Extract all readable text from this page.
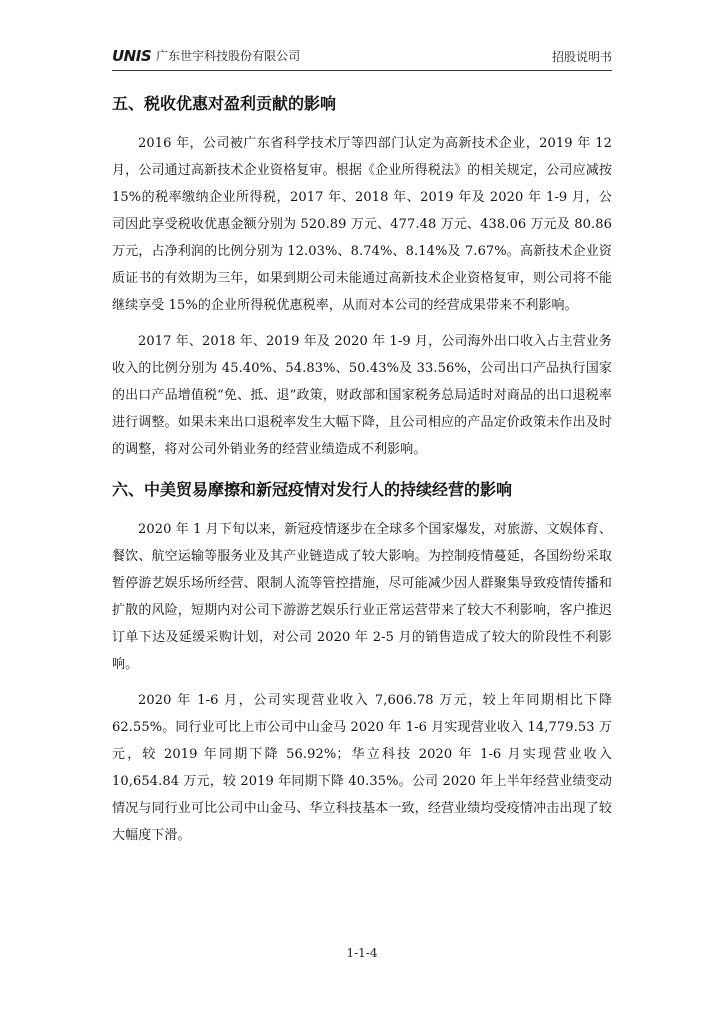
UNIS 广东世宇科技股份有限公司	招股说明书
五、税收优惠对盈利贡献的影响

2016 年，公司被广东省科学技术厅等四部门认定为高新技术企业，2019 年 12 月，公司通过高新技术企业资格复审。根据《企业所得税法》的相关规定，公司应减按 15%的税率缴纳企业所得税，2017 年、2018 年、2019 年及 2020 年 1-9 月，公司因此享受税收优惠金额分别为 520.89 万元、477.48 万元、438.06 万元及 80.86 万元，占净利润的比例分别为 12.03%、8.74%、8.14%及 7.67%。高新技术企业资质证书的有效期为三年，如果到期公司未能通过高新技术企业资格复审，则公司将不能继续享受 15%的企业所得税优惠税率，从而对本公司的经营成果带来不利影响。

2017 年、2018 年、2019 年及 2020 年 1-9 月，公司海外出口收入占主营业务收入的比例分别为 45.40%、54.83%、50.43%及 33.56%，公司出口产品执行国家的出口产品增值税“免、抵、退”政策，财政部和国家税务总局适时对商品的出口退税率进行调整。如果未来出口退税率发生大幅下降，且公司相应的产品定价政策未作出及时的调整，将对公司外销业务的经营业绩造成不利影响。

六、中美贸易摩擦和新冠疫情对发行人的持续经营的影响

2020 年 1 月下旬以来，新冠疫情逐步在全球多个国家爆发，对旅游、文娱体育、餐饮、航空运输等服务业及其产业链造成了较大影响。为控制疫情蔓延，各国纷纷采取暂停游艺娱乐场所经营、限制人流等管控措施，尽可能减少因人群聚集导致疫情传播和扩散的风险，短期内对公司下游游艺娱乐行业正常运营带来了较大不利影响，客户推迟订单下达及延缓采购计划，对公司 2020 年 2-5 月的销售造成了较大的阶段性不利影响。

2020 年 1-6 月，公司实现营业收入 7,606.78 万元，较上年同期相比下降 62.55%。同行业可比上市公司中山金马 2020 年 1-6 月实现营业收入 14,779.53 万元，较 2019 年同期下降 56.92%；华立科技 2020 年 1-6 月实现营业收入 10,654.84 万元，较 2019 年同期下降 40.35%。公司 2020 年上半年经营业绩变动情况与同行业可比公司中山金马、华立科技基本一致，经营业绩均受疫情冲击出现了较大幅度下滑。

1-1-4
